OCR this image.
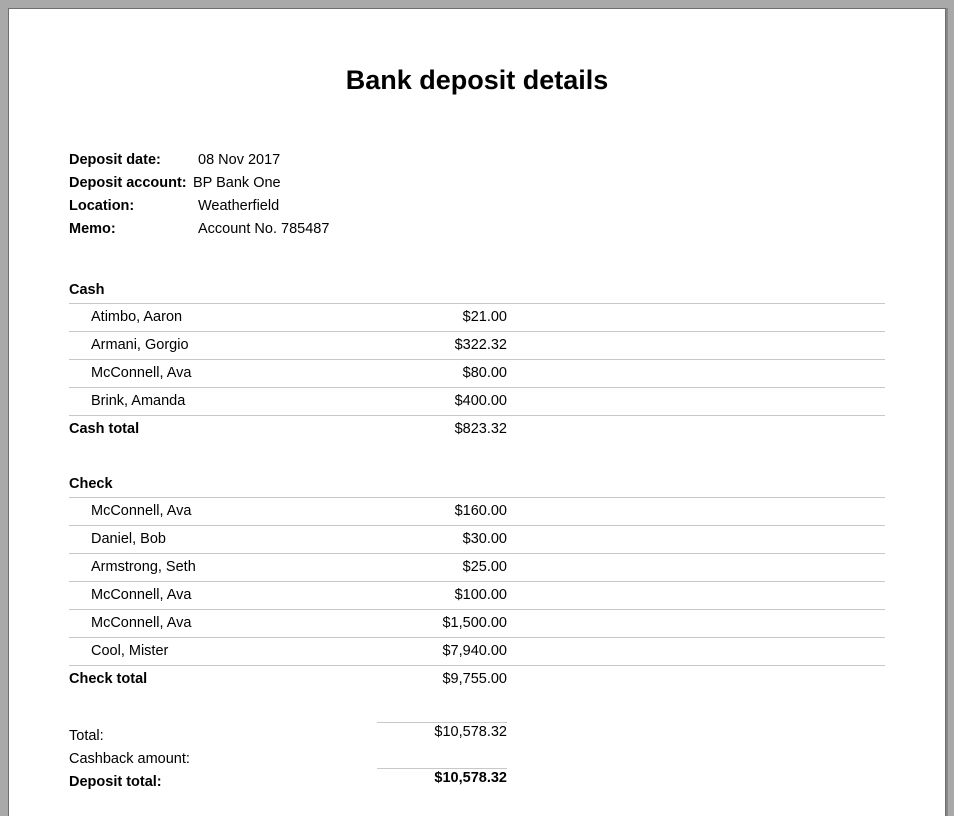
Bank deposit details
Deposit date:	08 Nov 2017
Deposit account: BP Bank One
Location:	Weatherfield
Memo:	Account No. 785487
Cash
Atimbo, Aaron	$21.00
Armani, Gorgio	$322.32
McConnell, Ava	$80.00
Brink, Amanda	$400.00
Cash total	$823.32
Check
McConnell, Ava	$160.00
Daniel, Bob	$30.00
Armstrong, Seth	$25.00
McConnell, Ava	$100.00
McConnell, Ava	$1,500.00
Cool, Mister	$7,940.00
Check total	$9,755.00
Total:	$10,578.32
Cashback amount:
Deposit total:	$10,578.32
